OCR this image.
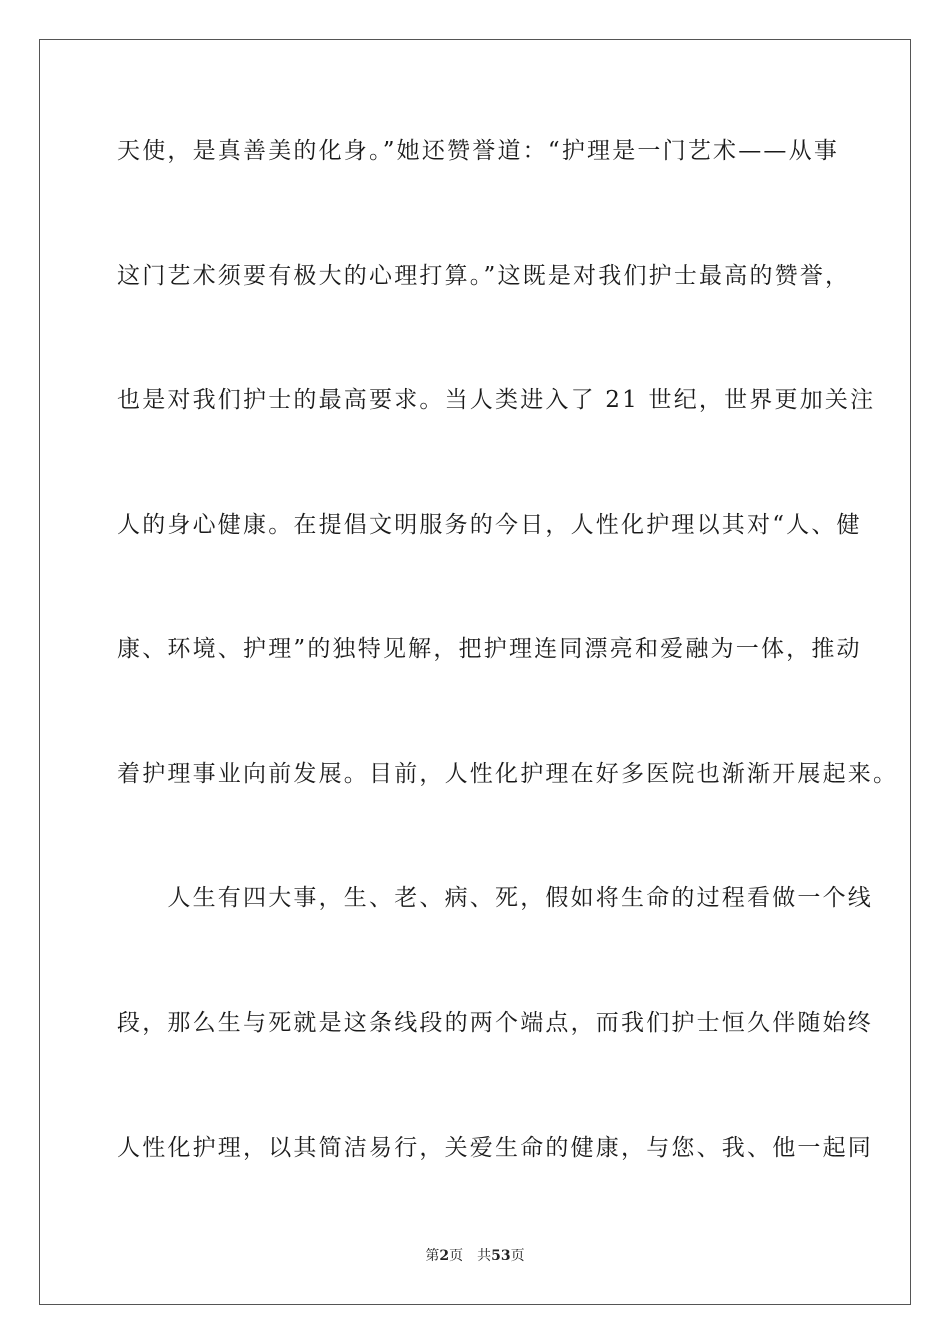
天使，是真善美的化身。”她还赞誉道：“护理是一门艺术——从事
这门艺术须要有极大的心理打算。”这既是对我们护士最高的赞誉，
也是对我们护士的最高要求。当人类进入了 21 世纪，世界更加关注
人的身心健康。在提倡文明服务的今日，人性化护理以其对“人、健
康、环境、护理”的独特见解，把护理连同漂亮和爱融为一体，推动
着护理事业向前发展。目前，人性化护理在好多医院也渐渐开展起来。
　　人生有四大事，生、老、病、死，假如将生命的过程看做一个线
段，那么生与死就是这条线段的两个端点，而我们护士恒久伴随始终
人性化护理，以其简洁易行，关爱生命的健康，与您、我、他一起同
第2页 共53页
